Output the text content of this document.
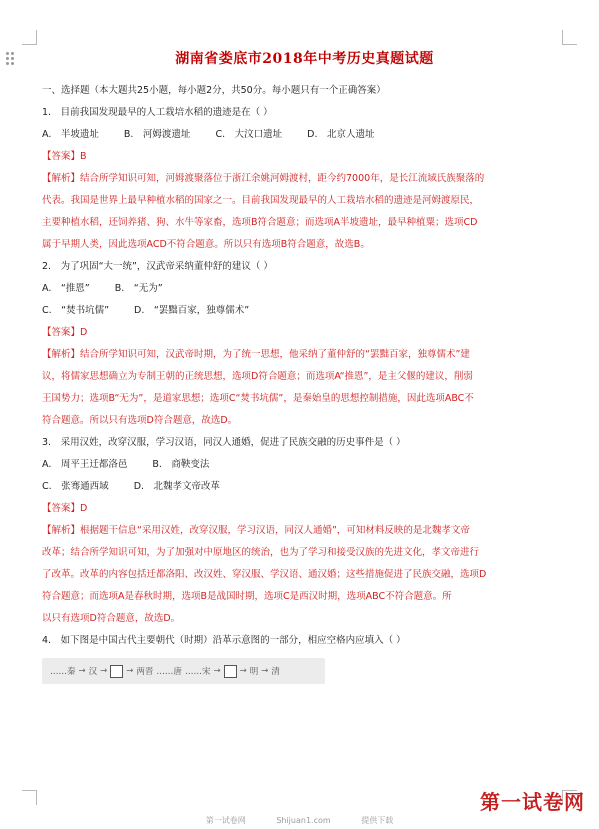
湖南省娄底市2018年中考历史真题试题
一、选择题（本大题共25小题，每小题2分，共50分。每小题只有一个正确答案）
1.　目前我国发现最早的人工栽培水稻的遗迹是在（ ）
A.　半坡遗址	B.　河姆渡遗址	C.　大汶口遗址	D.　北京人遗址
【答案】B
【解析】结合所学知识可知，河姆渡聚落位于浙江余姚河姆渡村，距今约7000年，是长江流域氏族聚落的
代表。我国是世界上最早种植水稻的国家之一。目前我国发现最早的人工栽培水稻的遗迹是河姆渡原民，
主要种植水稻，还饲养猪、狗、水牛等家畜，选项B符合题意；而选项A半坡遗址，最早种植粟；选项CD
属于早期人类，因此选项ACD不符合题意。所以只有选项B符合题意，故选B。
2.　为了巩固“大一统”，汉武帝采纳董仲舒的建议（ ）
A.　“推恩”	B.　“无为”
C.　“焚书坑儒”	D.　“罢黜百家，独尊儒术”
【答案】D
【解析】结合所学知识可知，汉武帝时期，为了统一思想，他采纳了董仲舒的“罢黜百家，独尊儒术”建
议，将儒家思想确立为专制王朝的正统思想，选项D符合题意；而选项A“推恩”，是主父偃的建议，削弱
王国势力；选项B“无为”，是道家思想；选项C“焚书坑儒”，是秦始皇的思想控制措施，因此选项ABC不
符合题意。所以只有选项D符合题意，故选D。
3.　采用汉姓，改穿汉服，学习汉语，同汉人通婚，促进了民族交融的历史事件是（ ）
A.　周平王迁都洛邑	B.　商鞅变法
C.　张骞通西域	D.　北魏孝文帝改革
【答案】D
【解析】根据题干信息“采用汉姓，改穿汉服，学习汉语，同汉人通婚”，可知材料反映的是北魏孝文帝
改革；结合所学知识可知，为了加强对中原地区的统治，也为了学习和接受汉族的先进文化，孝文帝进行
了改革。改革的内容包括迁都洛阳、改汉姓、穿汉服、学汉语、通汉婚；这些措施促进了民族交融，选项D
符合题意；而选项A是春秋时期，选项B是战国时期，选项C是西汉时期，选项ABC不符合题意。所
以只有选项D符合题意，故选D。
4.　如下图是中国古代主要朝代（时期）沿革示意图的一部分，相应空格内应填入（ ）
……秦 → 汉 → → 两晋 ……唐 ……宋 → → 明 → 清
第一试卷网
第一试卷网	Shijuan1.com	提供下载
